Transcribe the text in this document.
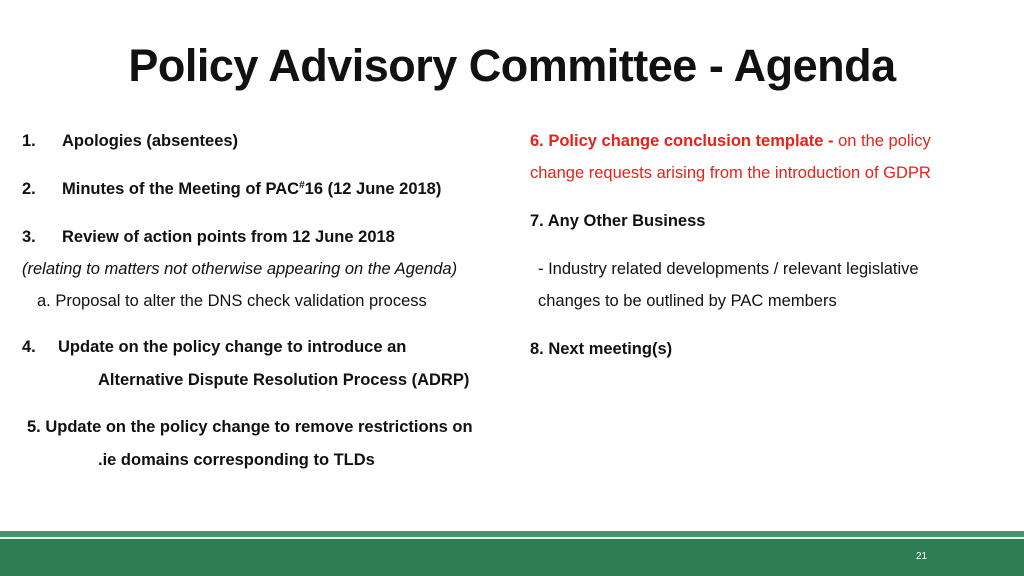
Policy Advisory Committee - Agenda
1. Apologies (absentees)
2. Minutes of the Meeting of PAC#16 (12 June 2018)
3. Review of action points from 12 June 2018
(relating to matters not otherwise appearing on the Agenda)
a. Proposal to alter the DNS check validation process
4. Update on the policy change to introduce an
Alternative Dispute Resolution Process (ADRP)
5. Update on the policy change to remove restrictions on
.ie domains corresponding to TLDs
6. Policy change conclusion template - on the policy
change requests arising from the introduction of GDPR
7. Any Other Business
- Industry related developments / relevant legislative
changes to be outlined by PAC members
8. Next meeting(s)
21
